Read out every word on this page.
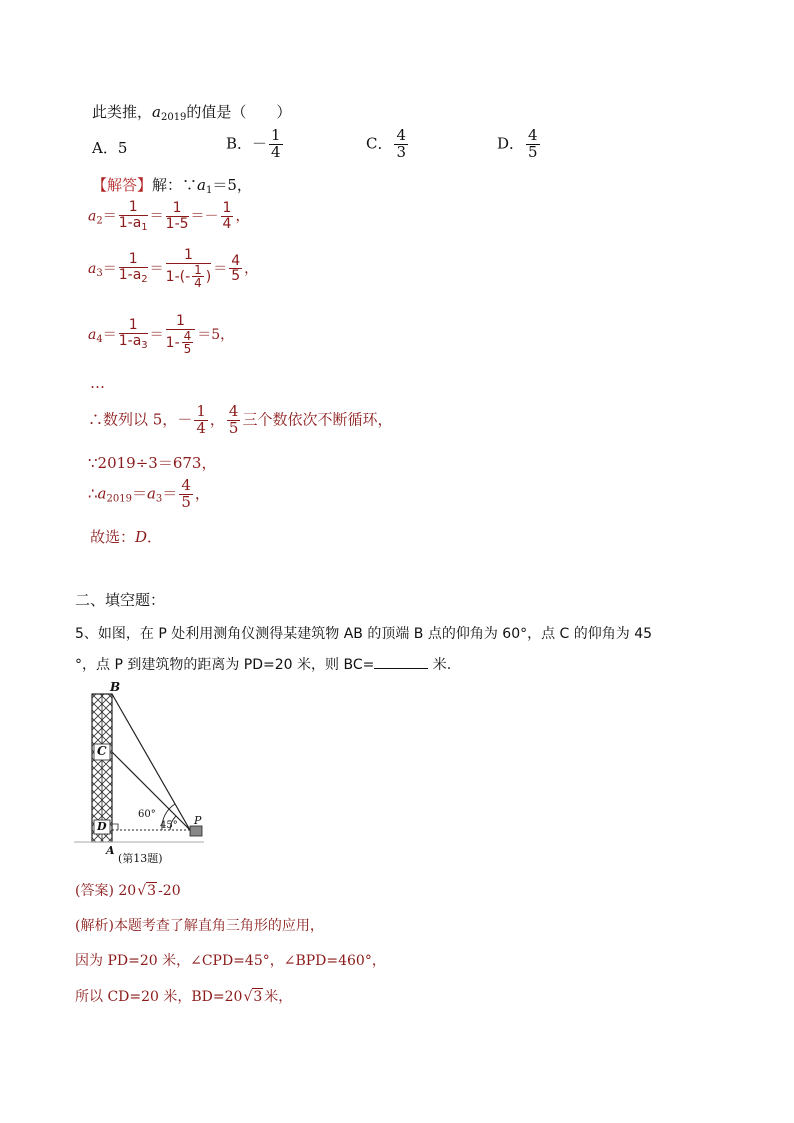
此类推，$a_{2019}$的值是（　　）
A．5	B．－ $\frac{1}{4}$	C． $\frac{4}{3}$	D． $\frac{4}{5}$
【解答】解：$\because a_1=5$，
$a_2= \frac{1}{1-a_1} = \frac{1}{1-5} =- \frac{1}{4}$ ，
$a_3= \frac{1}{1-a_2} = \frac{1}{1-(- \frac{1}{4} )} = \frac{4}{5}$ ，
$a_4= \frac{1}{1-a_3} = \frac{1}{1- \frac{4}{5}} =5$，
…
∴数列以 5，－ $\frac{1}{4}$ ， $\frac{4}{5}$ 三个数依次不断循环，
∵2019÷3＝673，
$\therefore a_{2019}=a_3= \frac{4}{5}$ ，
故选：D．
二、填空题：
5、如图，在 P 处利用测角仪测得某建筑物 AB 的顶端 B 点的仰角为 60°，点 C 的仰角为 45
°，点 P 到建筑物的距离为 PD=20 米，则 BC=	米.
B
C
D
A
P
60°
45°
(第13题)
(答案) 20√3 -20
(解析)本题考查了解直角三角形的应用，
因为 PD=20 米，∠CPD=45°，∠BPD=460°，
所以 CD=20 米，BD=20√3 米，
